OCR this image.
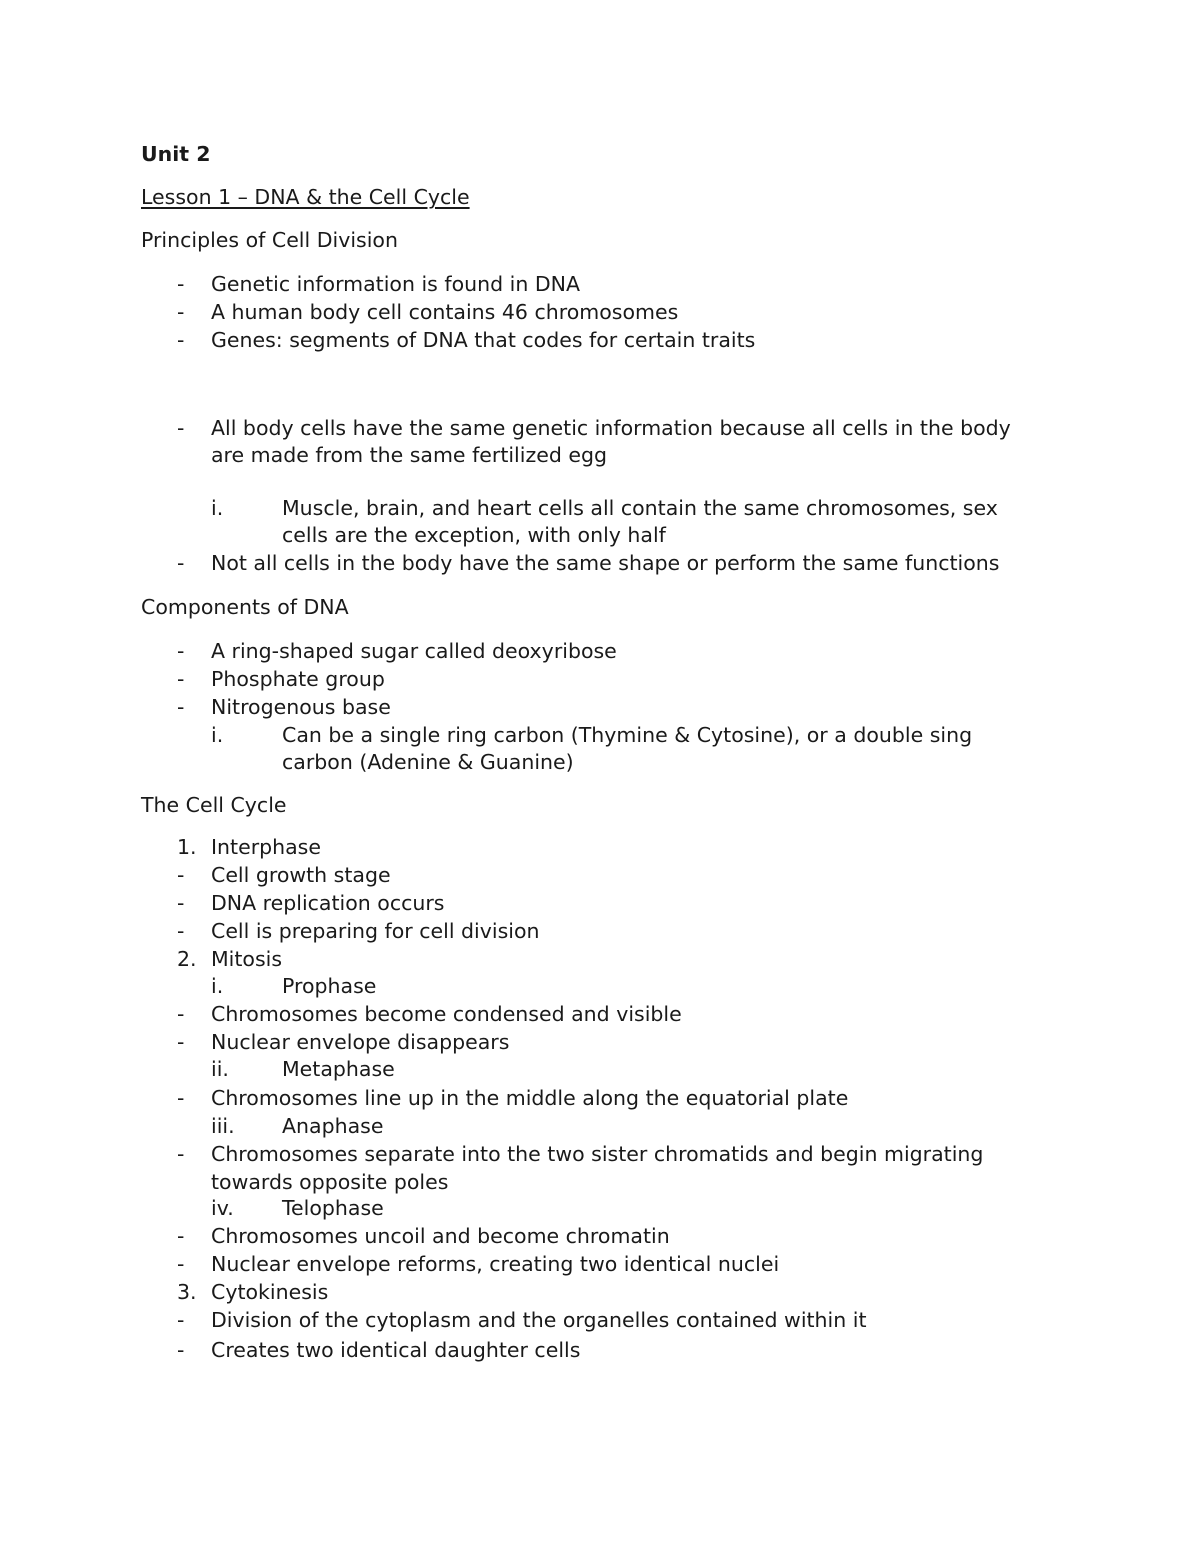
Unit 2
Lesson 1 – DNA & the Cell Cycle
Principles of Cell Division
- Genetic information is found in DNA
- A human body cell contains 46 chromosomes
- Genes: segments of DNA that codes for certain traits
- All body cells have the same genetic information because all cells in the body
are made from the same fertilized egg
i.	Muscle, brain, and heart cells all contain the same chromosomes, sex
cells are the exception, with only half
- Not all cells in the body have the same shape or perform the same functions
Components of DNA
- A ring-shaped sugar called deoxyribose
- Phosphate group
- Nitrogenous base
i.	Can be a single ring carbon (Thymine & Cytosine), or a double sing
carbon (Adenine & Guanine)
The Cell Cycle
1. Interphase
- Cell growth stage
- DNA replication occurs
- Cell is preparing for cell division
2. Mitosis
i.	Prophase
- Chromosomes become condensed and visible
- Nuclear envelope disappears
ii.	Metaphase
- Chromosomes line up in the middle along the equatorial plate
iii. Anaphase
- Chromosomes separate into the two sister chromatids and begin migrating
towards opposite poles
iv. Telophase
- Chromosomes uncoil and become chromatin
- Nuclear envelope reforms, creating two identical nuclei
3. Cytokinesis
- Division of the cytoplasm and the organelles contained within it
- Creates two identical daughter cells
